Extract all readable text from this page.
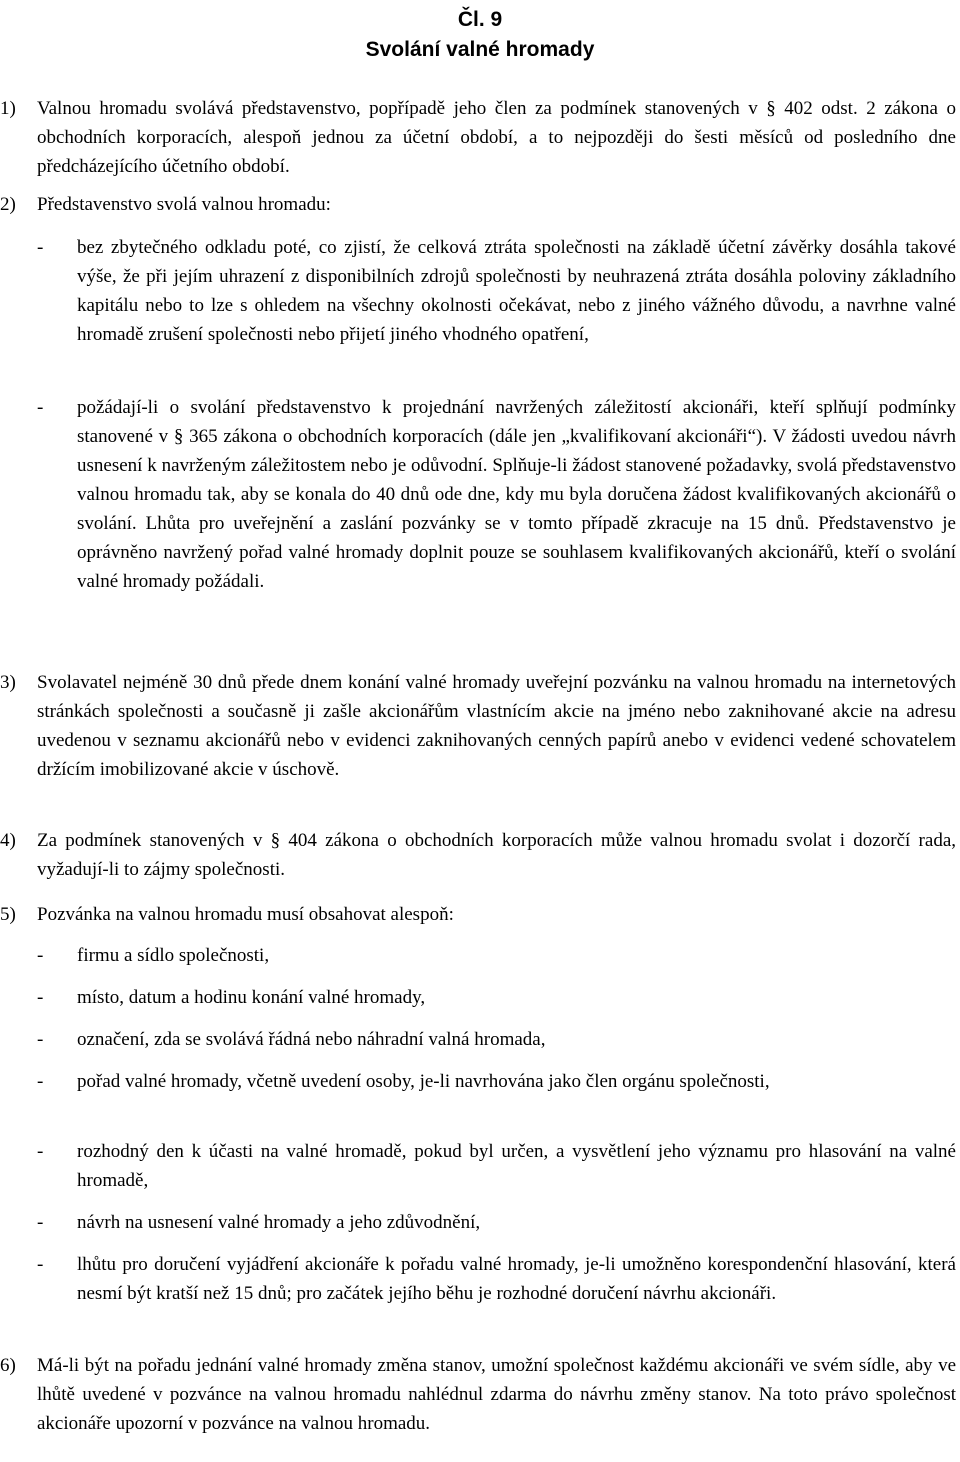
Čl. 9
Svolání valné hromady
1) Valnou hromadu svolává představenstvo, popřípadě jeho člen za podmínek stanovených v § 402 odst. 2 zákona o obchodních korporacích, alespoň jednou za účetní období, a to nejpozději do šesti měsíců od posledního dne předcházejícího účetního období.
2) Představenstvo svolá valnou hromadu:
- bez zbytečného odkladu poté, co zjistí, že celková ztráta společnosti na základě účetní závěrky dosáhla takové výše, že při jejím uhrazení z disponibilních zdrojů společnosti by neuhrazená ztráta dosáhla poloviny základního kapitálu nebo to lze s ohledem na všechny okolnosti očekávat, nebo z jiného vážného důvodu, a navrhne valné hromadě zrušení společnosti nebo přijetí jiného vhodného opatření,
- požádají-li o svolání představenstvo k projednání navržených záležitostí akcionáři, kteří splňují podmínky stanovené v § 365 zákona o obchodních korporacích (dále jen „kvalifikovaní akcionáři“). V žádosti uvedou návrh usnesení k navrženým záležitostem nebo je odůvodní. Splňuje-li žádost stanovené požadavky, svolá představenstvo valnou hromadu tak, aby se konala do 40 dnů ode dne, kdy mu byla doručena žádost kvalifikovaných akcionářů o svolání. Lhůta pro uveřejnění a zaslání pozvánky se v tomto případě zkracuje na 15 dnů. Představenstvo je oprávněno navržený pořad valné hromady doplnit pouze se souhlasem kvalifikovaných akcionářů, kteří o svolání valné hromady požádali.
3) Svolavatel nejméně 30 dnů přede dnem konání valné hromady uveřejní pozvánku na valnou hromadu na internetových stránkách společnosti a současně ji zašle akcionářům vlastnícím akcie na jméno nebo zaknihované akcie na adresu uvedenou v seznamu akcionářů nebo v evidenci zaknihovaných cenných papírů anebo v evidenci vedené schovatelem držícím imobilizované akcie v úschově.
4) Za podmínek stanovených v § 404 zákona o obchodních korporacích může valnou hromadu svolat i dozorčí rada, vyžadují-li to zájmy společnosti.
5) Pozvánka na valnou hromadu musí obsahovat alespoň:
- firmu a sídlo společnosti,
- místo, datum a hodinu konání valné hromady,
- označení, zda se svolává řádná nebo náhradní valná hromada,
- pořad valné hromady, včetně uvedení osoby, je-li navrhována jako člen orgánu společnosti,
- rozhodný den k účasti na valné hromadě, pokud byl určen, a vysvětlení jeho významu pro hlasování na valné hromadě,
- návrh na usnesení valné hromady a jeho zdůvodnění,
- lhůtu pro doručení vyjádření akcionáře k pořadu valné hromady, je-li umožněno korespondenční hlasování, která nesmí být kratší než 15 dnů; pro začátek jejího běhu je rozhodné doručení návrhu akcionáři.
6) Má-li být na pořadu jednání valné hromady změna stanov, umožní společnost každému akcionáři ve svém sídle, aby ve lhůtě uvedené v pozvánce na valnou hromadu nahlédnul zdarma do návrhu změny stanov. Na toto právo společnost akcionáře upozorní v pozvánce na valnou hromadu.
